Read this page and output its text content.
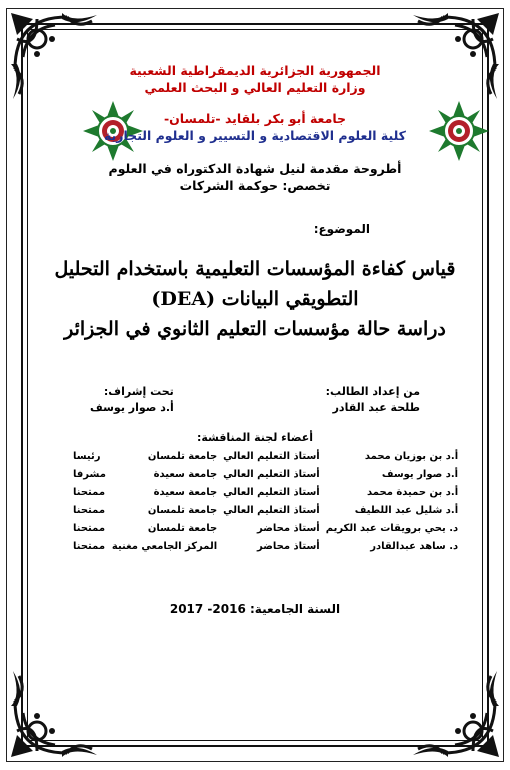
الجمهورية الجزائرية الديمقراطية الشعبية
وزارة التعليم العالي و البحث العلمي
جامعة أبو بكر بلقايد -تلمسان-
كلية العلوم الاقتصادية و التسيير و العلوم التجارية
أطروحة مقدمة لنيل شهادة الدكتوراه في العلوم
تخصص: حوكمة الشركات
الموضوع:
قياس كفاءة المؤسسات التعليمية باستخدام التحليل
التطويقي البيانات (DEA)
دراسة حالة مؤسسات التعليم الثانوي في الجزائر
من إعداد الطالب:
طلحة عبد القادر
تحت إشراف:
أ.د صوار يوسف
أعضاء لجنة المناقشة:
أ.د بن بوزيان محمد	أستاذ التعليم العالي	جامعة تلمسان	رئيسا
أ.د صوار يوسف	أستاذ التعليم العالي	جامعة سعيدة	مشرفا
أ.د بن حميدة محمد	أستاذ التعليم العالي	جامعة سعيدة	ممتحنا
أ.د شليل عبد اللطيف	أستاذ التعليم العالي	جامعة تلمسان	ممتحنا
د. يحي برويقات عبد الكريم	أستاذ محاضر	جامعة تلمسان	ممتحنا
د. ساهد عبدالقادر	أستاذ محاضر	المركز الجامعي مغنية	ممتحنا
السنة الجامعية: 2016- 2017
